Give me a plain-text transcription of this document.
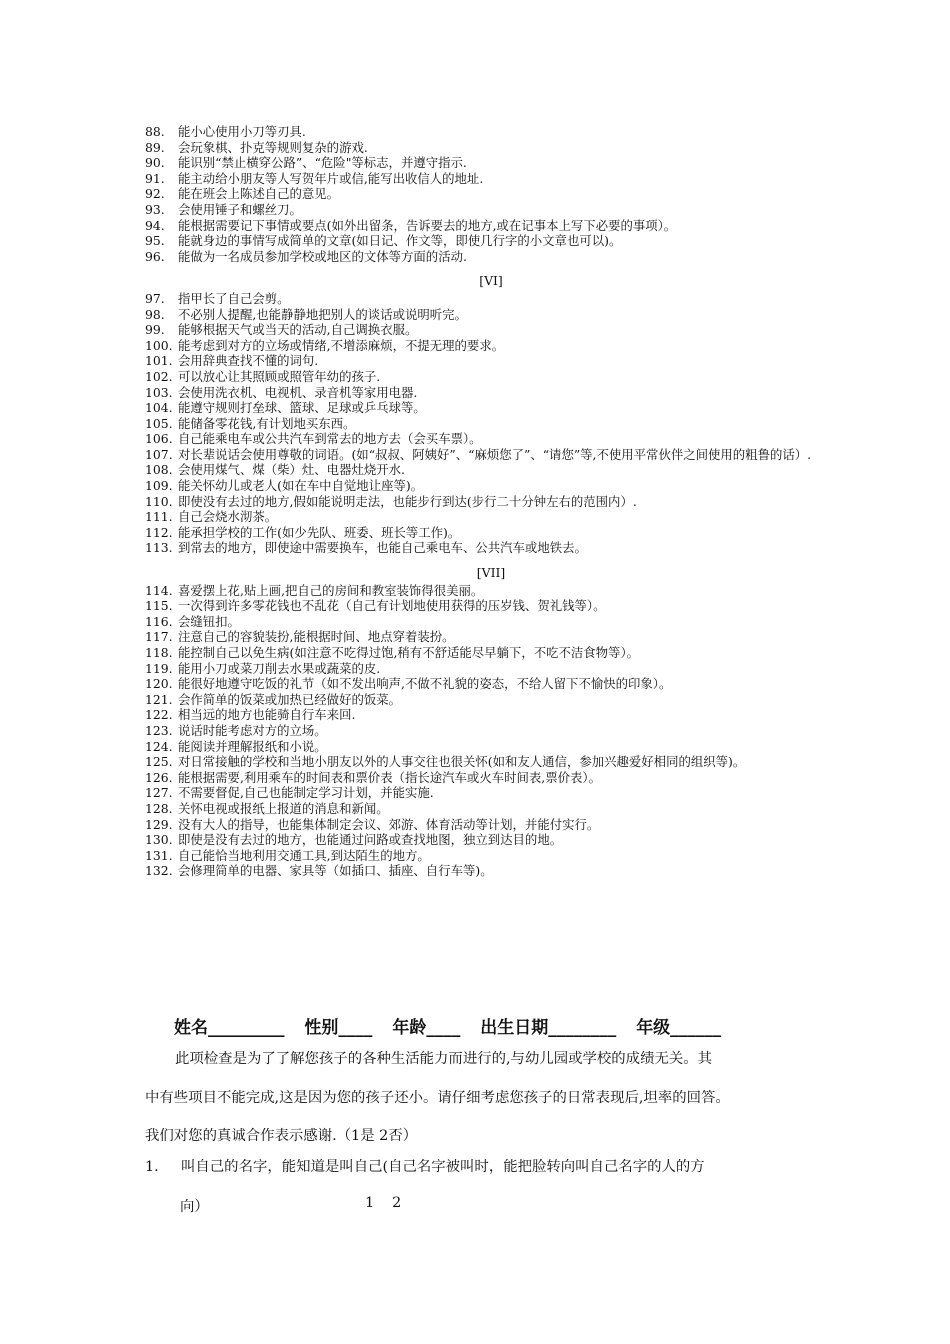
88.	能小心使用小刀等刃具.
89.	会玩象棋、扑克等规则复杂的游戏.
90.	能识别“禁止横穿公路”、“危险"等标志，并遵守指示.
91.	能主动给小朋友等人写贺年片或信,能写出收信人的地址.
92.	能在班会上陈述自己的意见。
93.	会使用锤子和螺丝刀。
94.	能根据需要记下事情或要点(如外出留条，告诉要去的地方,或在记事本上写下必要的事项）。
95.	能就身边的事情写成简单的文章(如日记、作文等，即使几行字的小文章也可以)。
96.	能做为一名成员参加学校或地区的文体等方面的活动.
[VI]
97.	指甲长了自己会剪。
98.	不必别人提醒,也能静静地把别人的谈话或说明听完。
99.	能够根据天气或当天的活动,自己调换衣服。
100. 能考虑到对方的立场或情绪,不增添麻烦，不提无理的要求。
101. 会用辞典查找不懂的词句.
102. 可以放心让其照顾或照管年幼的孩子.
103. 会使用洗衣机、电视机、录音机等家用电器.
104. 能遵守规则打垒球、篮球、足球或乒乓球等。
105. 能储备零花钱,有计划地买东西。
106. 自己能乘电车或公共汽车到常去的地方去（会买车票）。
107. 对长辈说话会使用尊敬的词语。(如“叔叔、阿姨好”、“麻烦您了”、“请您”等,不使用平常伙伴之间使用的粗鲁的话）.
108. 会使用煤气、煤（柴）灶、电器灶烧开水.
109. 能关怀幼儿或老人(如在车中自觉地让座等)。
110. 即使没有去过的地方,假如能说明走法，也能步行到达(步行二十分钟左右的范围内）.
111. 自己会烧水沏茶。
112. 能承担学校的工作(如少先队、班委、班长等工作)。
113. 到常去的地方，即使途中需要换车，也能自己乘电车、公共汽车或地铁去。
[VII]
114. 喜爱摆上花,贴上画,把自己的房间和教室装饰得很美丽。
115. 一次得到许多零花钱也不乱花（自己有计划地使用获得的压岁钱、贺礼钱等）。
116. 会缝钮扣。
117. 注意自己的容貌装扮,能根据时间、地点穿着装扮。
118. 能控制自己以免生病(如注意不吃得过饱,稍有不舒适能尽早躺下，不吃不洁食物等）。
119. 能用小刀或菜刀削去水果或蔬菜的皮.
120. 能很好地遵守吃饭的礼节（如不发出响声,不做不礼貌的姿态，不给人留下不愉快的印象）。
121. 会作简单的饭菜或加热已经做好的饭菜。
122. 相当远的地方也能骑自行车来回.
123. 说话时能考虑对方的立场。
124. 能阅读并理解报纸和小说。
125. 对日常接触的学校和当地小朋友以外的人事交往也很关怀(如和友人通信，参加兴趣爱好相同的组织等)。
126. 能根据需要,利用乘车的时间表和票价表（指长途汽车或火车时间表,票价表）。
127. 不需要督促,自己也能制定学习计划，并能实施.
128. 关怀电视或报纸上报道的消息和新闻。
129. 没有大人的指导，也能集体制定会议、郊游、体育活动等计划，并能付实行。
130. 即使是没有去过的地方，也能通过问路或查找地图，独立到达目的地。
131. 自己能恰当地利用交通工具,到达陌生的地方。
132. 会修理简单的电器、家具等（如插口、插座、自行车等)。
姓名_________ 性别____ 年龄____ 出生日期________ 年级______
此项检查是为了了解您孩子的各种生活能力而进行的,与幼儿园或学校的成绩无关。其
中有些项目不能完成,这是因为您的孩子还小。请仔细考虑您孩子的日常表现后,坦率的回答。
我们对您的真诚合作表示感谢.（1是 2否）
1. 叫自己的名字，能知道是叫自己(自己名字被叫时，能把脸转向叫自己名字的人的方
向）	1 2
